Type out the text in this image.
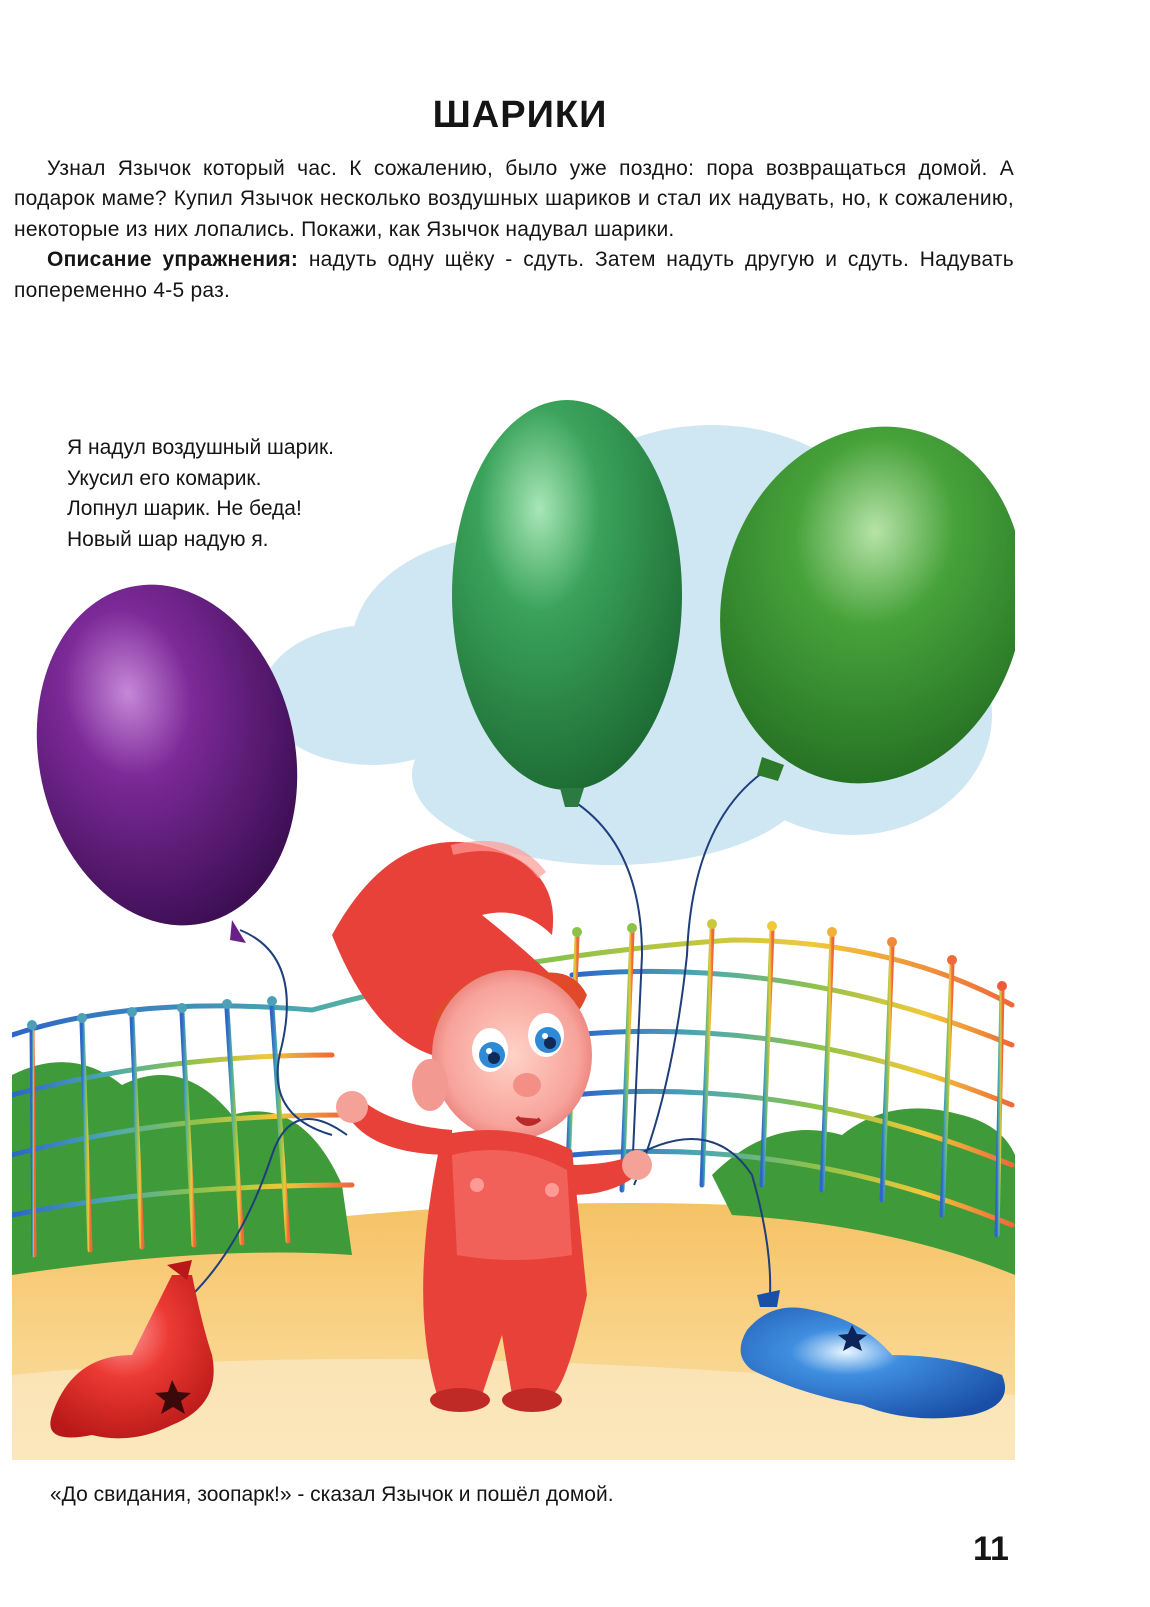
ШАРИКИ

Узнал Язычок который час. К сожалению, было уже поздно: пора возвращаться домой. А подарок маме? Купил Язычок несколько воздушных шариков и стал их надувать, но, к сожалению, некоторые из них лопались. Покажи, как Язычок надувал шарики.

Описание упражнения: надуть одну щёку - сдуть. Затем надуть другую и сдуть. Надувать попеременно 4-5 раз.

Я надул воздушный шарик.
Укусил его комарик.
Лопнул шарик. Не беда!
Новый шар надую я.
«До свидания, зоопарк!» - сказал Язычок и пошёл домой.
11
